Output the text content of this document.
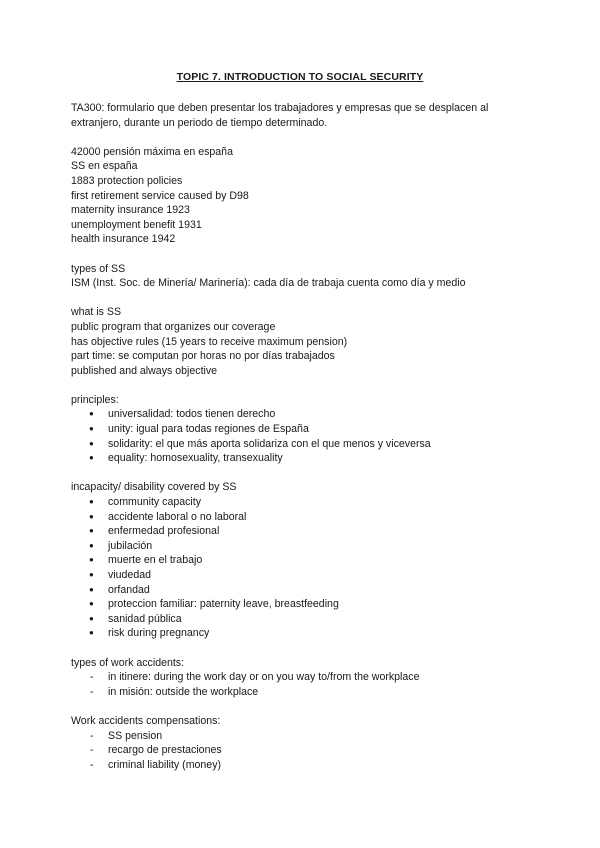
TOPIC 7. INTRODUCTION TO SOCIAL SECURITY

TA300: formulario que deben presentar los trabajadores y empresas que se desplacen al

extranjero, durante un periodo de tiempo determinado.

42000 pensión máxima en españa

SS en españa

1883 protection policies

first retirement service caused by D98

maternity insurance 1923

unemployment benefit 1931

health insurance 1942

types of SS

ISM (Inst. Soc. de Minería/ Marinería): cada día de trabaja cuenta como día y medio

what is SS

public program that organizes our coverage

has objective rules (15 years to receive maximum pension)

part time: se computan por horas no por días trabajados

published and always objective

principles:

● universalidad: todos tienen derecho
● unity: igual para todas regiones de España
● solidarity: el que más aporta solidariza con el que menos y viceversa
● equality: homosexuality, transexuality

incapacity/ disability covered by SS

● community capacity
● accidente laboral o no laboral
● enfermedad profesional
● jubilación
● muerte en el trabajo
● viudedad
● orfandad
● proteccion familiar: paternity leave, breastfeeding
● sanidad pública
● risk during pregnancy

types of work accidents:

- in itinere: during the work day or on you way to/from the workplace
- in misión: outside the workplace

Work accidents compensations:

- SS pension
- recargo de prestaciones
- criminal liability (money)
